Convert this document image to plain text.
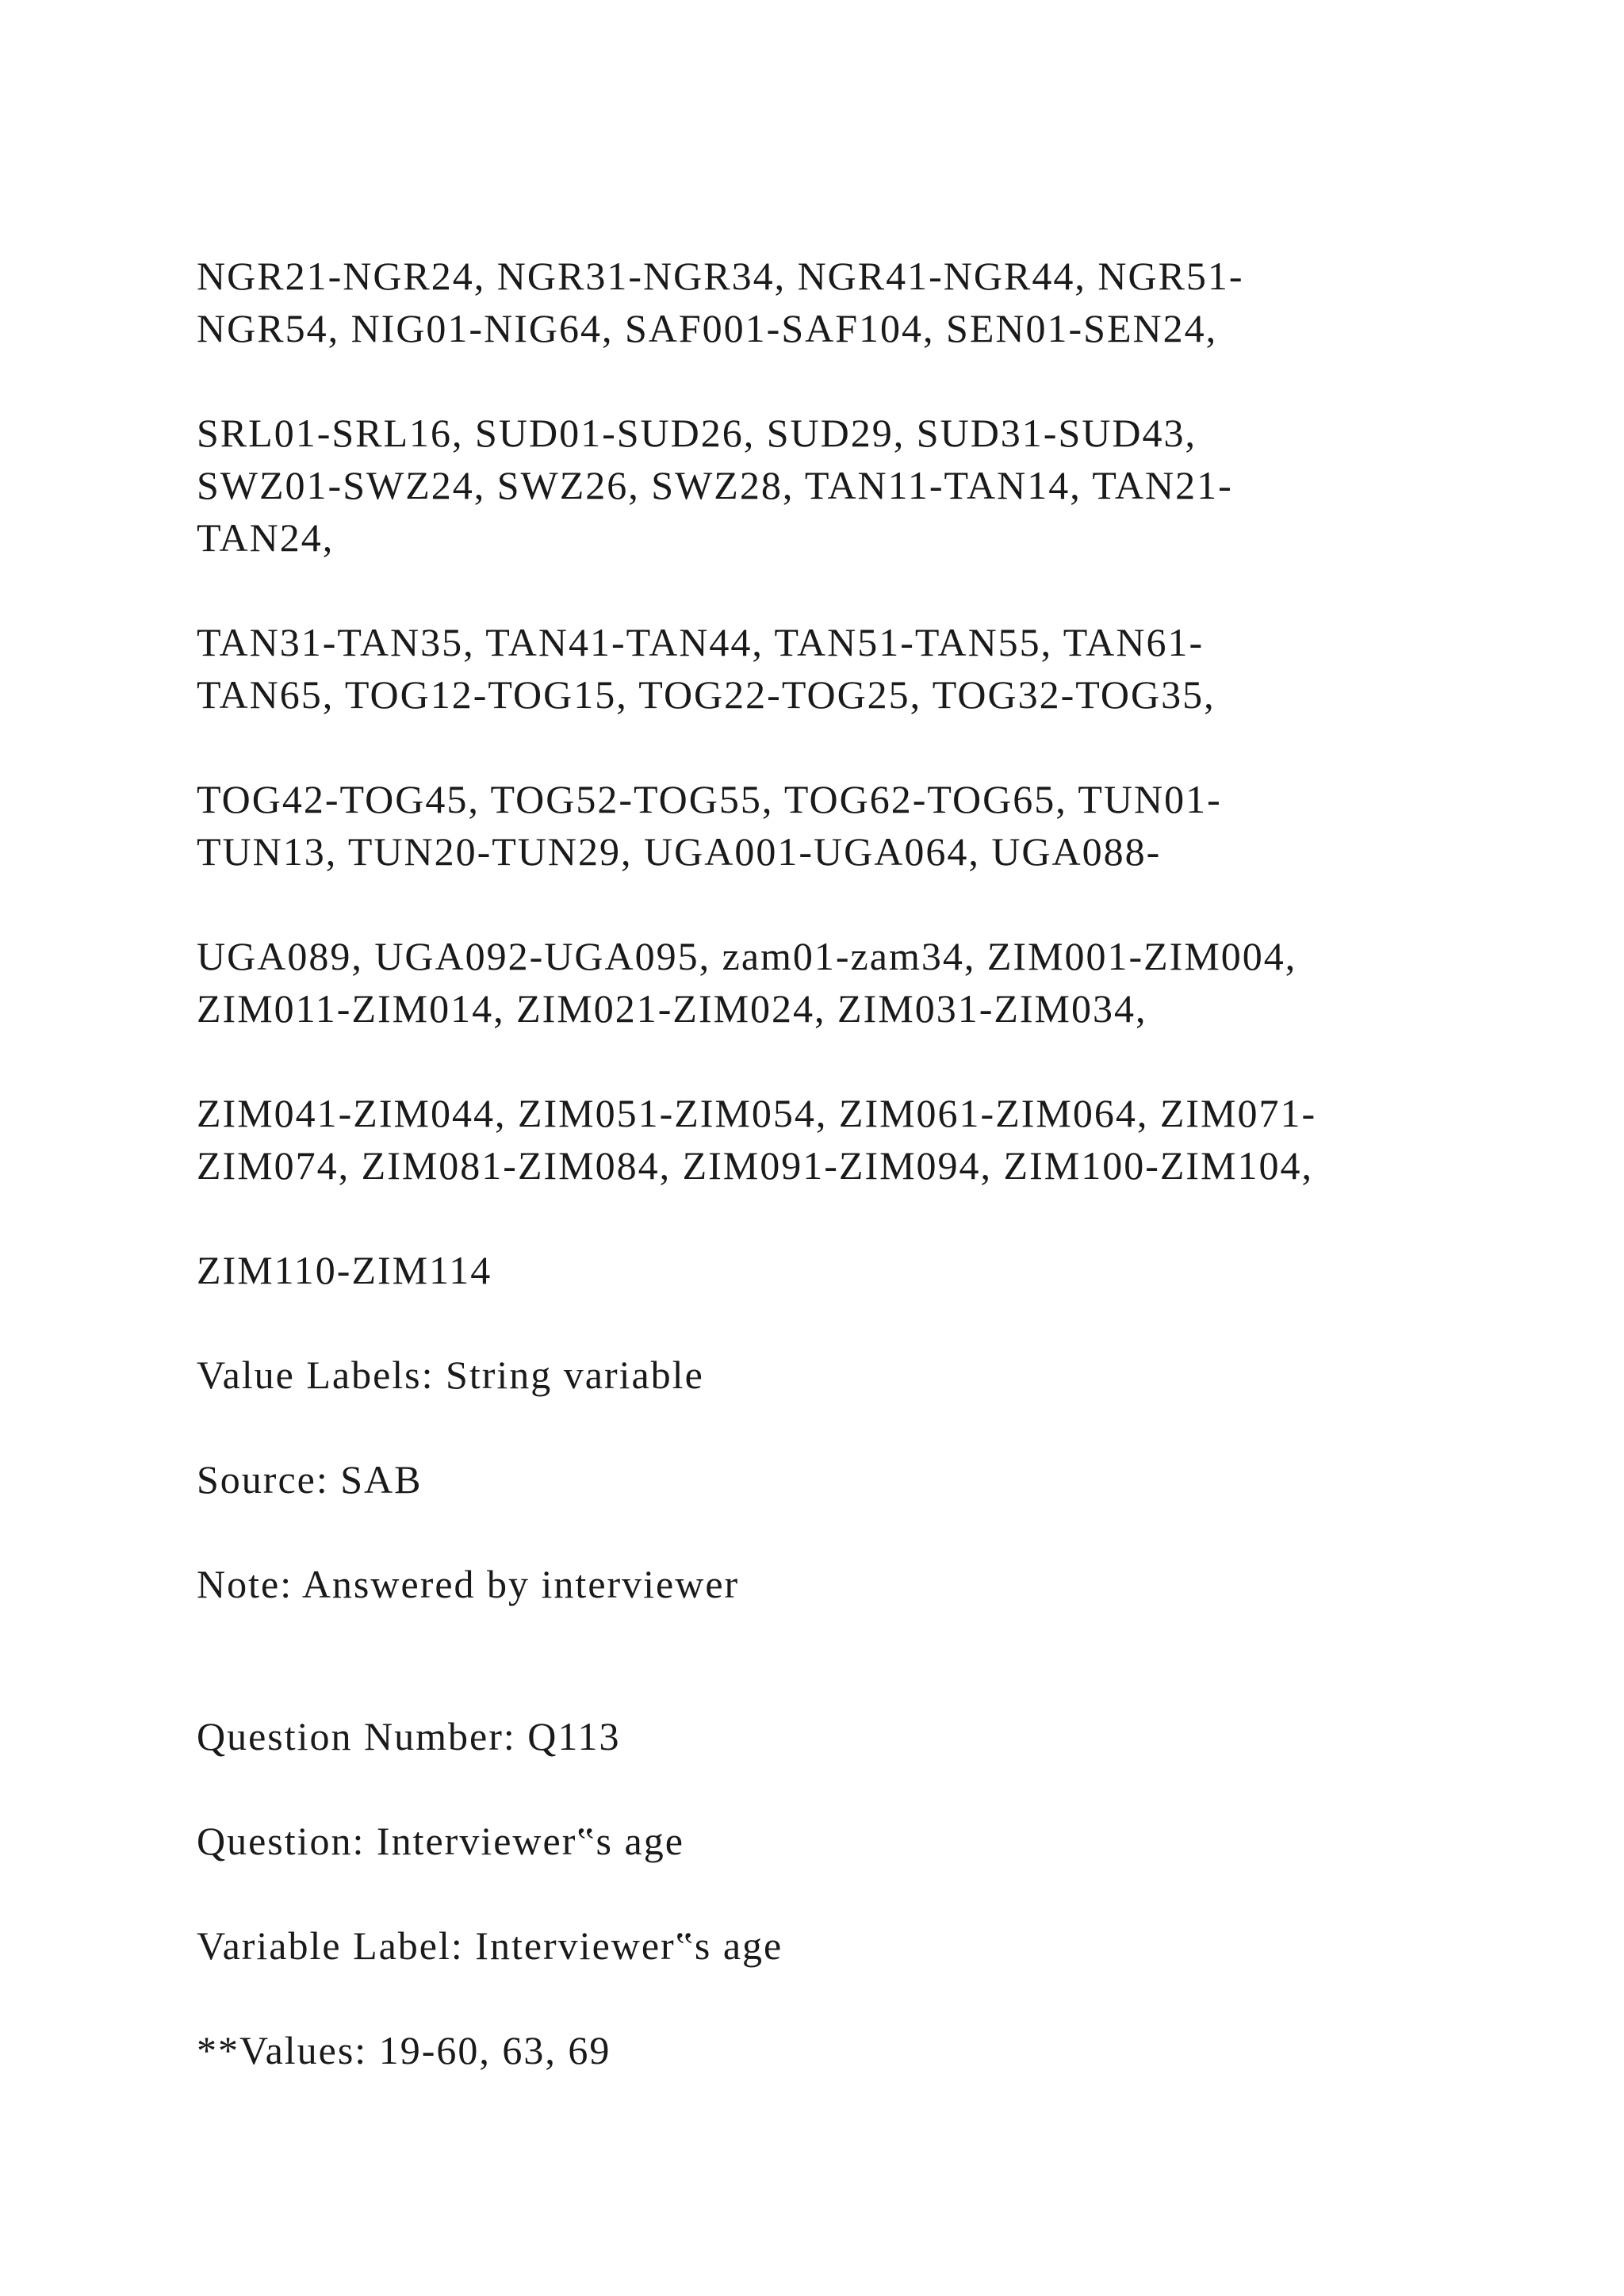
NGR21-NGR24, NGR31-NGR34, NGR41-NGR44, NGR51-
NGR54, NIG01-NIG64, SAF001-SAF104, SEN01-SEN24,
SRL01-SRL16, SUD01-SUD26, SUD29, SUD31-SUD43,
SWZ01-SWZ24, SWZ26, SWZ28, TAN11-TAN14, TAN21-
TAN24,
TAN31-TAN35, TAN41-TAN44, TAN51-TAN55, TAN61-
TAN65, TOG12-TOG15, TOG22-TOG25, TOG32-TOG35,
TOG42-TOG45, TOG52-TOG55, TOG62-TOG65, TUN01-
TUN13, TUN20-TUN29, UGA001-UGA064, UGA088-
UGA089, UGA092-UGA095, zam01-zam34, ZIM001-ZIM004,
ZIM011-ZIM014, ZIM021-ZIM024, ZIM031-ZIM034,
ZIM041-ZIM044, ZIM051-ZIM054, ZIM061-ZIM064, ZIM071-
ZIM074, ZIM081-ZIM084, ZIM091-ZIM094, ZIM100-ZIM104,
ZIM110-ZIM114
Value Labels: String variable
Source: SAB
Note: Answered by interviewer
Question Number: Q113
Question: Interviewer‟s age
Variable Label: Interviewer‟s age
**Values: 19-60, 63, 69
